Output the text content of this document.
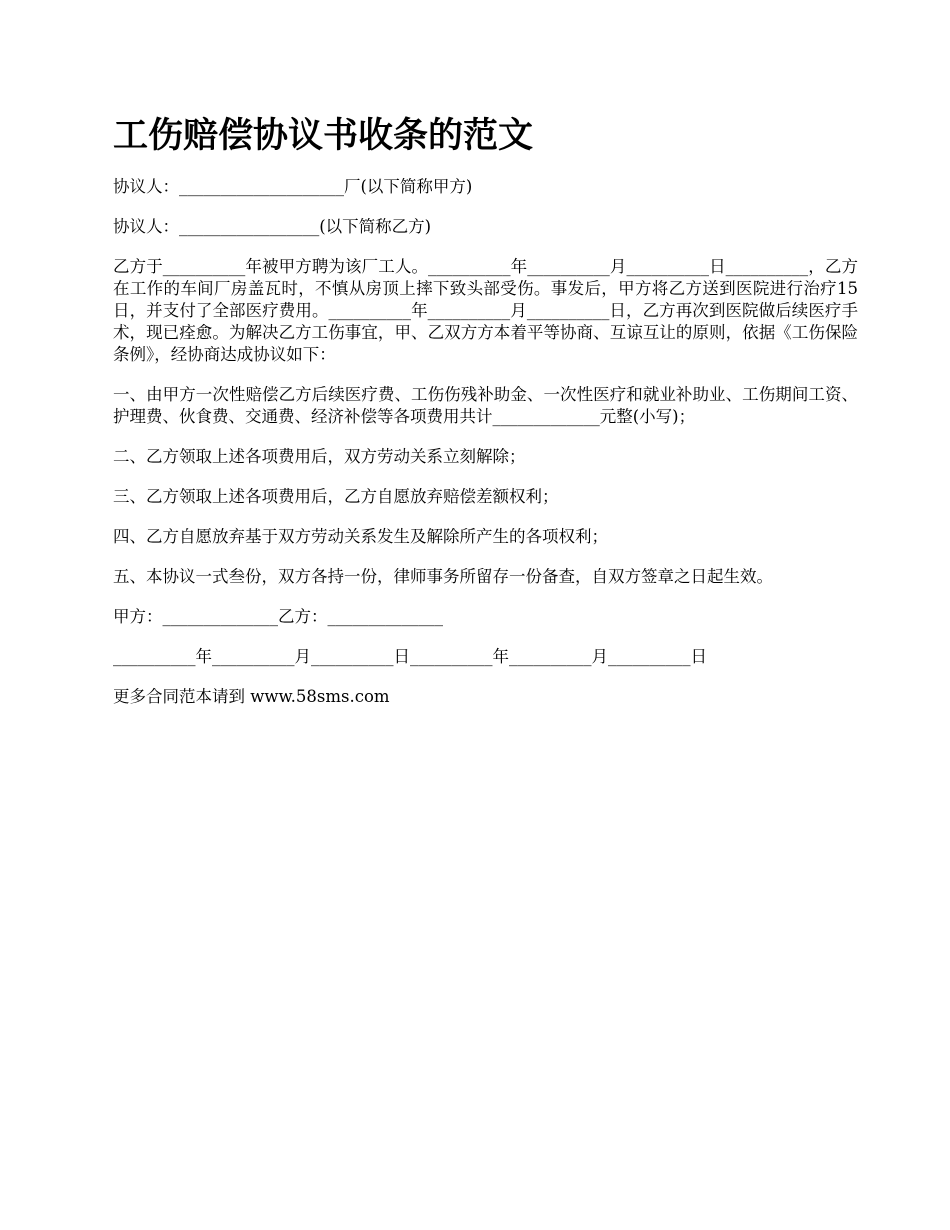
工伤赔偿协议书收条的范文

协议人：____________________厂(以下简称甲方)

协议人：_________________(以下简称乙方)

乙方于__________年被甲方聘为该厂工人。__________年__________月__________日__________，乙方在工作的车间厂房盖瓦时，不慎从房顶上摔下致头部受伤。事发后，甲方将乙方送到医院进行治疗15日，并支付了全部医疗费用。__________年__________月__________日，乙方再次到医院做后续医疗手术，现已痊愈。为解决乙方工伤事宜，甲、乙双方方本着平等协商、互谅互让的原则，依据《工伤保险条例》，经协商达成协议如下：

一、由甲方一次性赔偿乙方后续医疗费、工伤伤残补助金、一次性医疗和就业补助业、工伤期间工资、护理费、伙食费、交通费、经济补偿等各项费用共计_____________元整(小写)；

二、乙方领取上述各项费用后，双方劳动关系立刻解除；

三、乙方领取上述各项费用后，乙方自愿放弃赔偿差额权利；

四、乙方自愿放弃基于双方劳动关系发生及解除所产生的各项权利；

五、本协议一式叁份，双方各持一份，律师事务所留存一份备查，自双方签章之日起生效。

甲方：______________乙方：______________

__________年__________月__________日__________年__________月__________日

更多合同范本请到 www.58sms.com
